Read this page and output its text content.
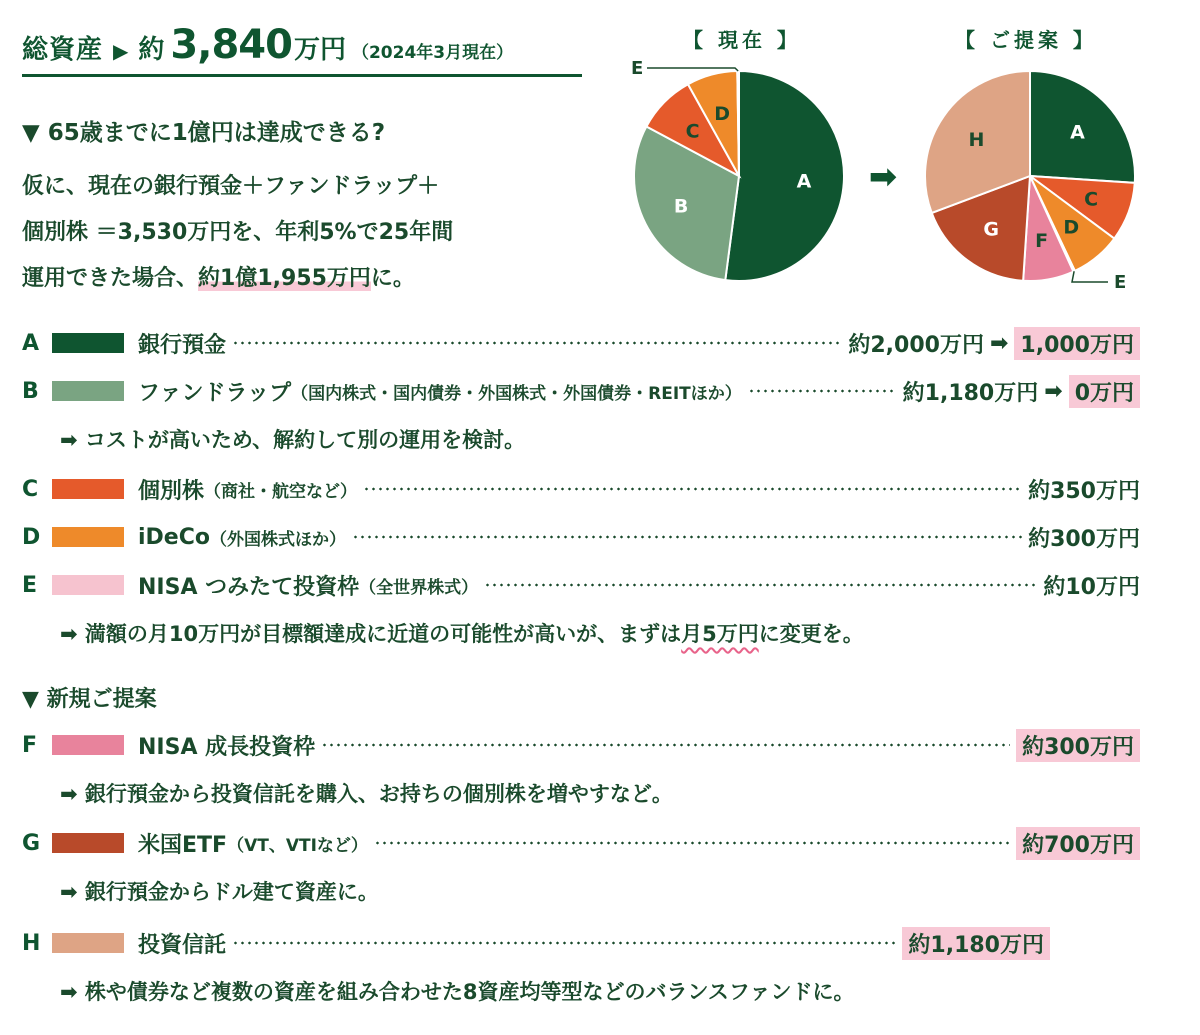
総資産 ▶ 約 3,840 万円 （2024年3月現在）
▼ 65歳までに1億円は達成できる?
仮に、現在の銀行預金＋ファンドラップ＋
個別株 ＝3,530万円を、年利5%で25年間
運用できた場合、約1億1,955万円に。
【 現在 】	【 ご提案 】
A
B
C
D
A
C
D
F
G
H
➡
E
E
A	銀行預金	約2,000万円 ➡ 1,000万円
B	ファンドラップ （国内株式・国内債券・外国株式・外国債券・REITほか）	約1,180万円 ➡ 0万円
➡ コストが高いため、解約して別の運用を検討。
C	個別株 （商社・航空など）	約350万円
D	iDeCo （外国株式ほか）	約300万円
E	NISA つみたて投資枠 （全世界株式）	約10万円
➡ 満額の月10万円が目標額達成に近道の可能性が高いが、まずは月5万円に変更を。
▼ 新規ご提案
F	NISA 成長投資枠	約300万円
➡ 銀行預金から投資信託を購入、お持ちの個別株を増やすなど。
G	米国ETF （VT、VTIなど）	約700万円
➡ 銀行預金からドル建て資産に。
H	投資信託	約1,180万円
➡ 株や債券など複数の資産を組み合わせた8資産均等型などのバランスファンドに。
